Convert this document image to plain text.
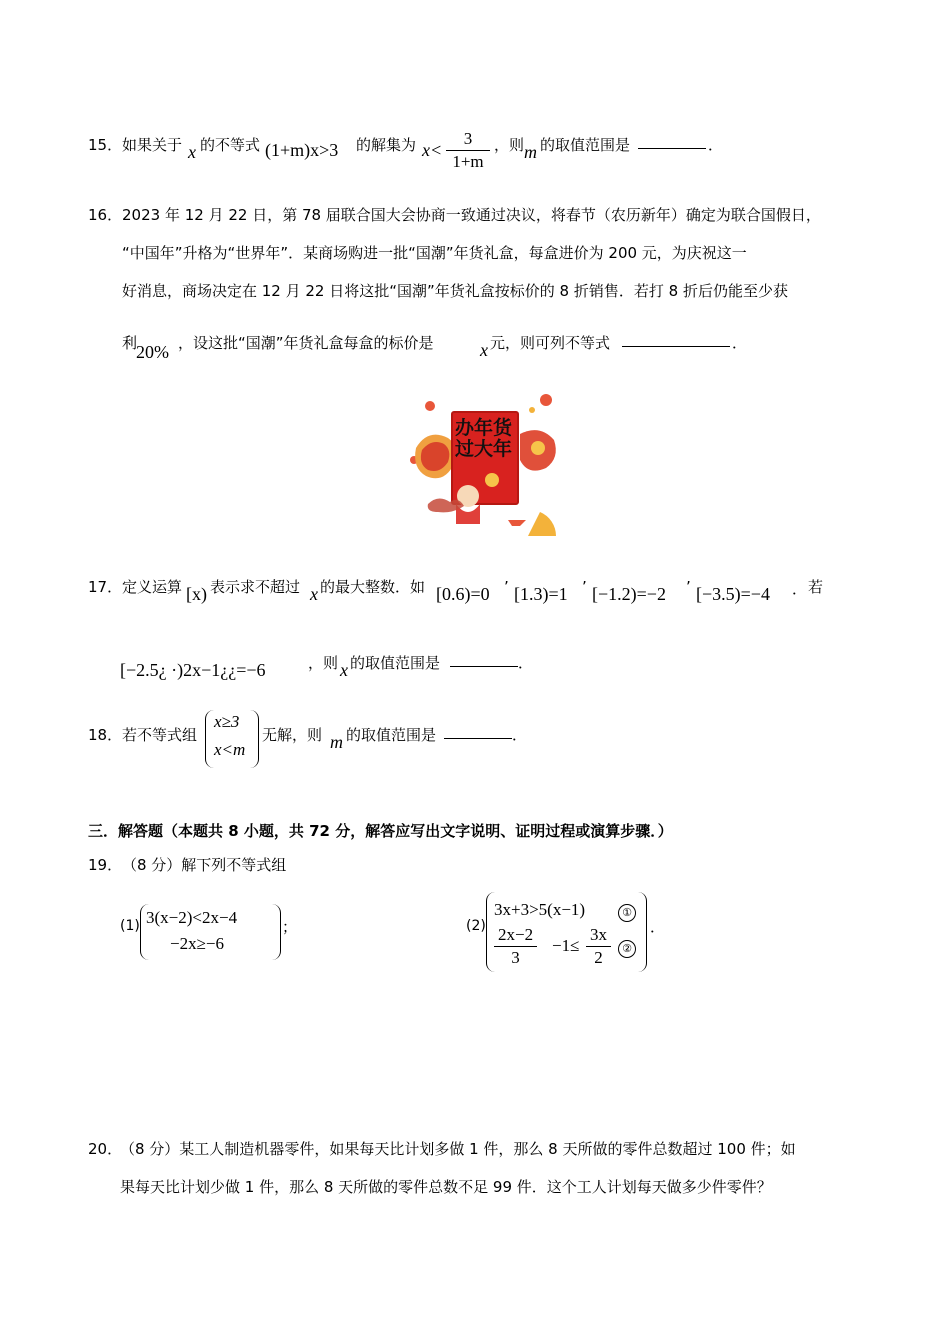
15． 如果关于 x 的不等式 (1+m)x>3 的解集为 $x< \frac{3}{1+m}$ ，则 m 的取值范围是	．
16． 2023 年 12 月 22 日，第 78 届联合国大会协商一致通过决议，将春节（农历新年）确定为联合国假日，
“中国年”升格为“世界年”．某商场购进一批“国潮”年货礼盒，每盒进价为 200 元，为庆祝这一
好消息，商场决定在 12 月 22 日将这批“国潮”年货礼盒按标价的 8 折销售．若打 8 折后仍能至少获
利
20% ，设这批“国潮”年货礼盒每盒的标价是	x 元，则可列不等式	．
办年货过大年
17． 定义运算 [x) 表示求不超过 x 的最大整数．如 [0.6)=0 ’ [1.3)=1 ’ [−1.2)=−2 ’ [−3.5)=−4 ． 若
[−2.5¿ ·)2x−1¿¿=−6	，则 x 的取值范围是	．
18． 若不等式组
x≥3
x<m
无解，则 m 的取值范围是	．
三．解答题（本题共 8 小题，共 72 分，解答应写出文字说明、证明过程或演算步骤．）
19． （8 分）解下列不等式组
(1) 3(x−2)<2x−4
−2x≥−6
；	(2)
3x+3>5(x−1)	①
$\frac{2x-2}{3} -1\le \frac{3x}{2}$	②
．
20．
（8 分）某工人制造机器零件，如果每天比计划多做 1 件，那么 8 天所做的零件总数超过 100 件；如
果每天比计划少做 1 件，那么 8 天所做的零件总数不足 99 件．这个工人计划每天做多少件零件？
